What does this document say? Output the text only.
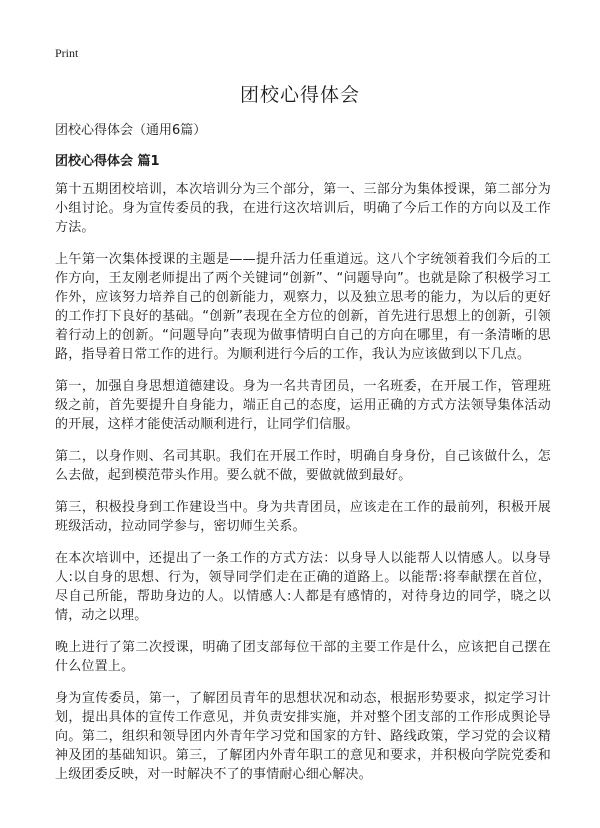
Print
团校心得体会

团校心得体会（通用6篇）

团校心得体会 篇1

第十五期团校培训，本次培训分为三个部分，第一、三部分为集体授课，第二部分为小组讨论。身为宣传委员的我，在进行这次培训后，明确了今后工作的方向以及工作方法。

上午第一次集体授课的主题是——提升活力任重道远。这八个字统领着我们今后的工作方向，王友刚老师提出了两个关键词“创新”、“问题导向”。也就是除了积极学习工作外，应该努力培养自己的创新能力，观察力，以及独立思考的能力，为以后的更好的工作打下良好的基础。“创新”表现在全方位的创新，首先进行思想上的创新，引领着行动上的创新。“问题导向”表现为做事情明白自己的方向在哪里，有一条清晰的思路，指导着日常工作的进行。为顺利进行今后的工作，我认为应该做到以下几点。

第一，加强自身思想道德建设。身为一名共青团员，一名班委，在开展工作，管理班级之前，首先要提升自身能力，端正自己的态度，运用正确的方式方法领导集体活动的开展，这样才能使活动顺利进行，让同学们信服。

第二，以身作则、名司其职。我们在开展工作时，明确自身身份，自己该做什么，怎么去做，起到模范带头作用。要么就不做，要做就做到最好。

第三，积极投身到工作建设当中。身为共青团员，应该走在工作的最前列，积极开展班级活动，拉动同学参与，密切师生关系。

在本次培训中，还提出了一条工作的方式方法：以身导人以能帮人以情感人。以身导人:以自身的思想、行为，领导同学们走在正确的道路上。以能帮:将奉献摆在首位，尽自己所能，帮助身边的人。以情感人:人都是有感情的，对待身边的同学，晓之以情，动之以理。

晚上进行了第二次授课，明确了团支部每位干部的主要工作是什么，应该把自己摆在什么位置上。

身为宣传委员，第一，了解团员青年的思想状况和动态，根据形势要求，拟定学习计划，提出具体的宣传工作意见，并负责安排实施，并对整个团支部的工作形成舆论导向。第二，组织和领导团内外青年学习党和国家的方针、路线政策，学习党的会议精神及团的基础知识。第三，了解团内外青年职工的意见和要求，并积极向学院党委和上级团委反映，对一时解决不了的事情耐心细心解决。
